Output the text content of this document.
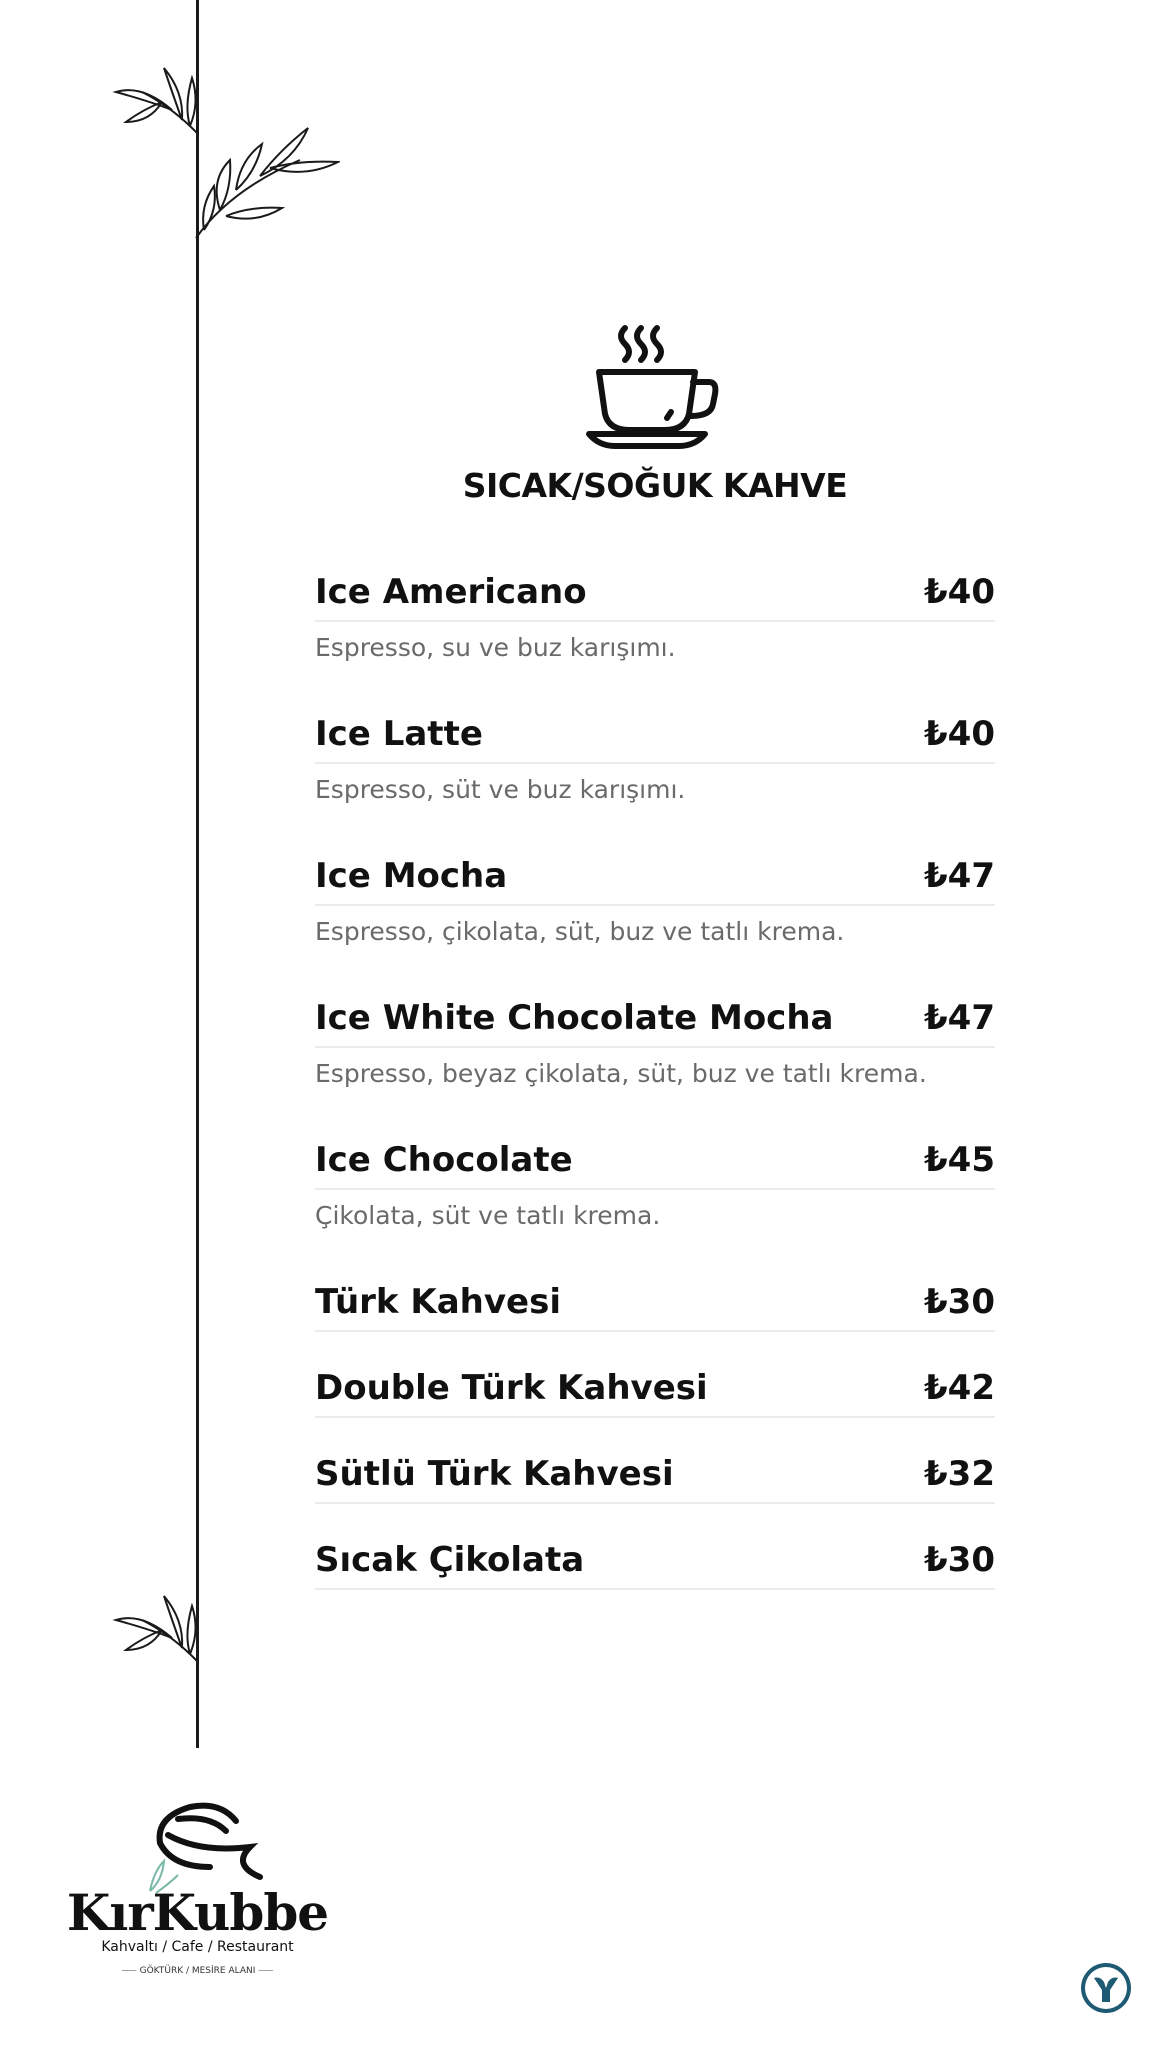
SICAK/SOĞUK KAHVE
Ice Americano	₺40
Espresso, su ve buz karışımı.
Ice Latte	₺40
Espresso, süt ve buz karışımı.
Ice Mocha	₺47
Espresso, çikolata, süt, buz ve tatlı krema.
Ice White Chocolate Mocha	₺47
Espresso, beyaz çikolata, süt, buz ve tatlı krema.
Ice Chocolate	₺45
Çikolata, süt ve tatlı krema.
Türk Kahvesi	₺30
Double Türk Kahvesi	₺42
Sütlü Türk Kahvesi	₺32
Sıcak Çikolata	₺30
KırKubbe
Kahvaltı / Cafe / Restaurant
⸺ GÖKTÜRK / MESİRE ALANI ⸺
